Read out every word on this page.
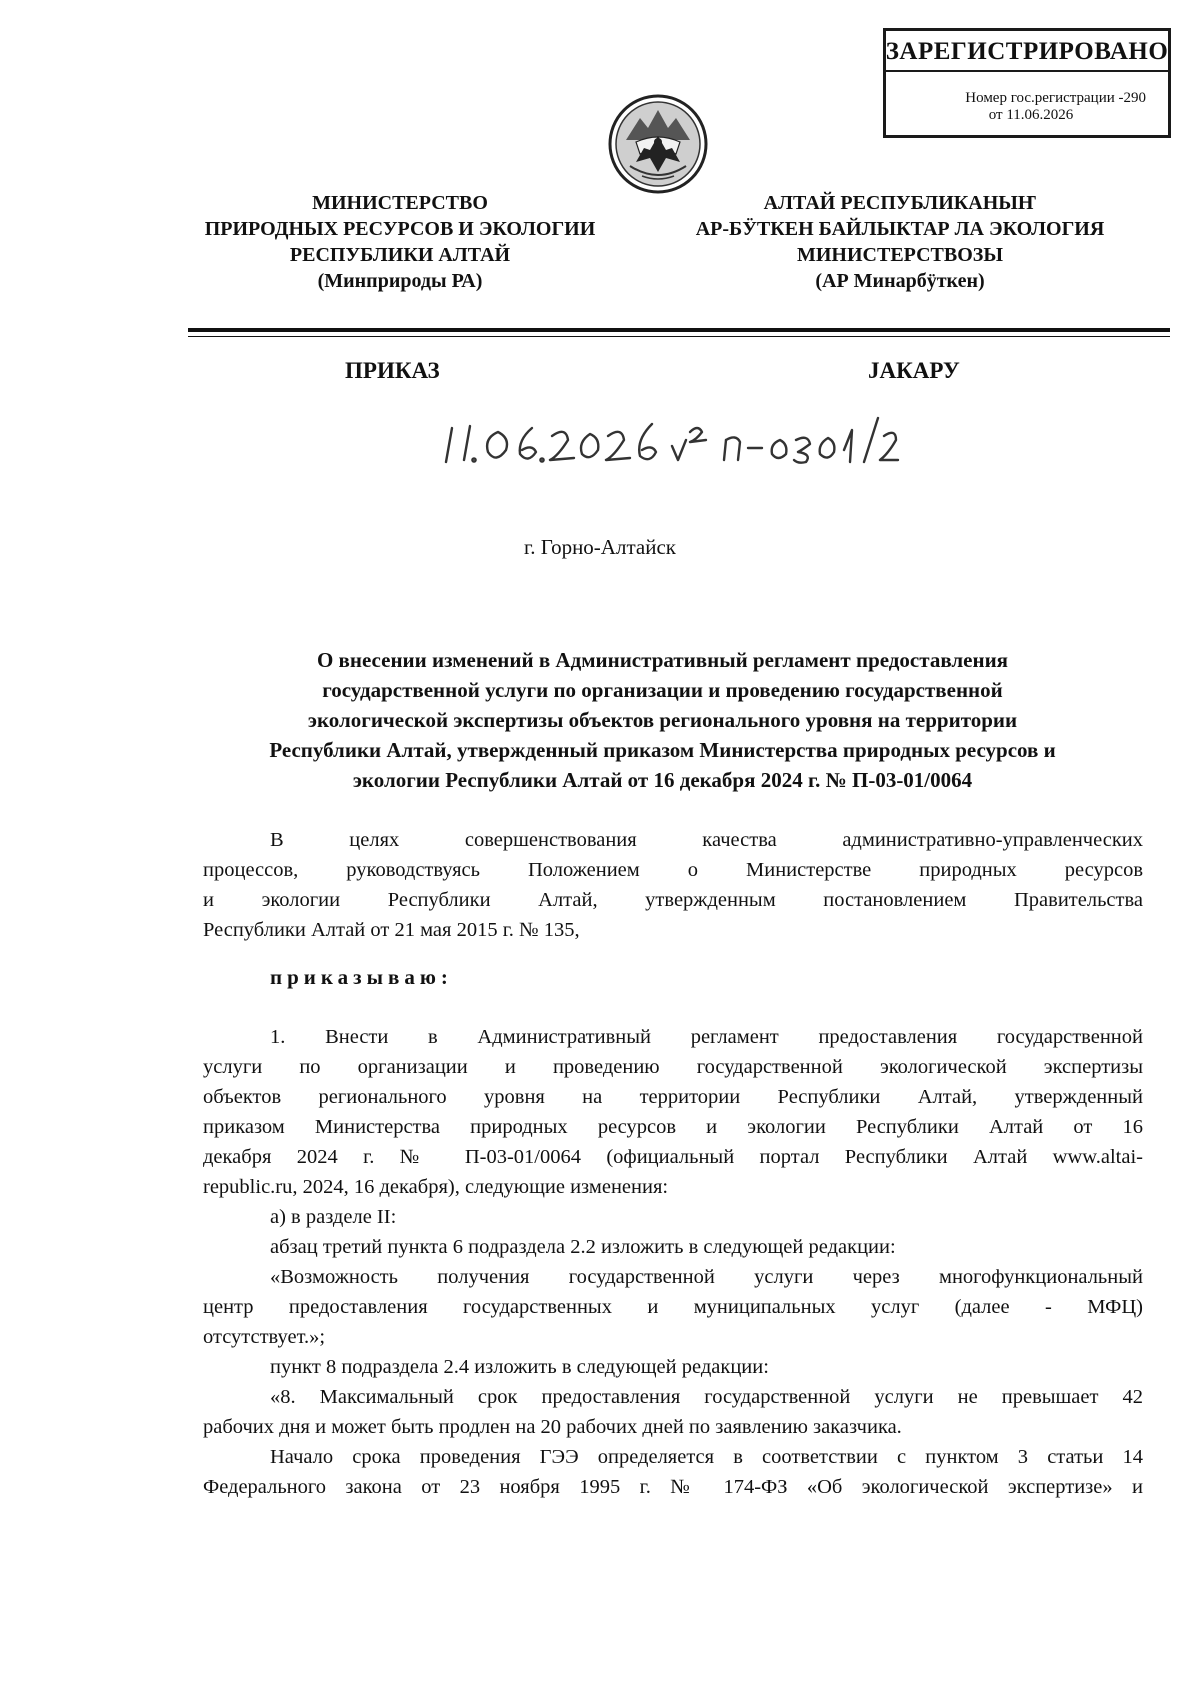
ЗАРЕГИСТРИРОВАНО
Номер гос.регистрации -290
от 11.06.2026
МИНИСТЕРСТВО
ПРИРОДНЫХ РЕСУРСОВ И ЭКОЛОГИИ
РЕСПУБЛИКИ АЛТАЙ
(Минприроды РА)
АЛТАЙ РЕСПУБЛИКАНЫҤ
АР-БӰТКЕН БАЙЛЫКТАР ЛА ЭКОЛОГИЯ
МИНИСТЕРСТВОЗЫ
(АР Минарбӱткен)
ПРИКАЗ	ЈАКАРУ
г. Горно-Алтайск
О внесении изменений в Административный регламент предоставления
государственной услуги по организации и проведению государственной
экологической экспертизы объектов регионального уровня на территории
Республики Алтай, утвержденный приказом Министерства природных ресурсов и
экологии Республики Алтай от 16 декабря 2024 г. № П-03-01/0064
В целях совершенствования качества административно-управленческих
процессов, руководствуясь Положением о Министерстве природных ресурсов
и экологии Республики Алтай, утвержденным постановлением Правительства
Республики Алтай от 21 мая 2015 г. № 135,
приказываю:
1. Внести в Административный регламент предоставления государственной
услуги по организации и проведению государственной экологической экспертизы
объектов регионального уровня на территории Республики Алтай, утвержденный
приказом Министерства природных ресурсов и экологии Республики Алтай от 16
декабря 2024 г. № П-03-01/0064 (официальный портал Республики Алтай www.altai-
republic.ru, 2024, 16 декабря), следующие изменения:
а) в разделе II:
абзац третий пункта 6 подраздела 2.2 изложить в следующей редакции:
«Возможность получения государственной услуги через многофункциональный
центр предоставления государственных и муниципальных услуг (далее - МФЦ)
отсутствует.»;
пункт 8 подраздела 2.4 изложить в следующей редакции:
«8. Максимальный срок предоставления государственной услуги не превышает 42
рабочих дня и может быть продлен на 20 рабочих дней по заявлению заказчика.
Начало срока проведения ГЭЭ определяется в соответствии с пунктом 3 статьи 14
Федерального закона от 23 ноября 1995 г. № 174-ФЗ «Об экологической экспертизе» и
